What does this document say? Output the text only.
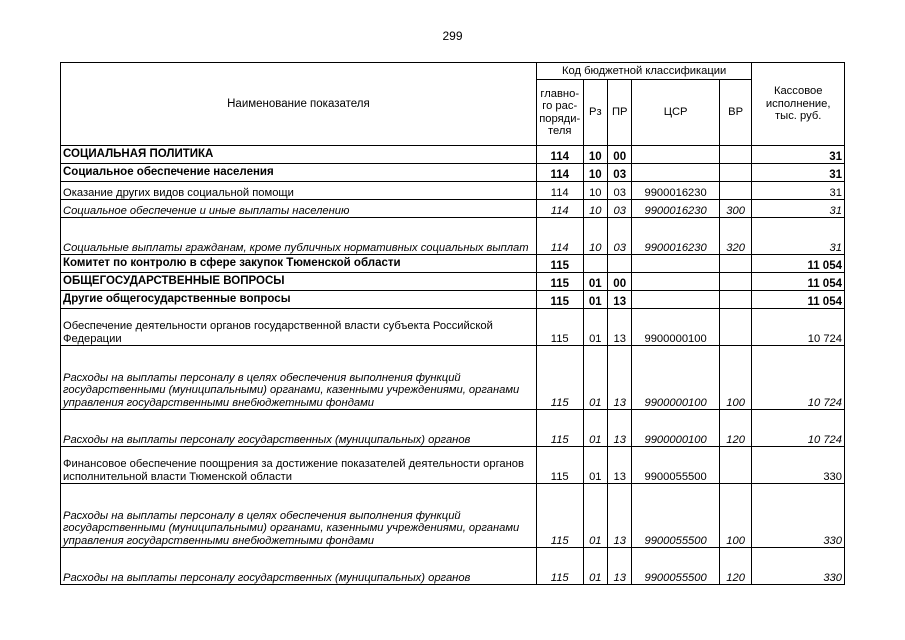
299
Наименование показателя	Код бюджетной классификации					Кассовое исполнение, тыс. руб.
	главно-го рас-поряди-теля	Рз	ПР	ЦСР	ВР	
СОЦИАЛЬНАЯ ПОЛИТИКА	114	10	00			31
Социальное обеспечение населения	114	10	03			31
Оказание других видов социальной помощи	114	10	03	9900016230		31
Социальное обеспечение и иные выплаты населению	114	10	03	9900016230	300	31
Социальные выплаты гражданам, кроме публичных нормативных социальных выплат	114	10	03	9900016230	320	31
Комитет по контролю в сфере закупок Тюменской области	115					11 054
ОБЩЕГОСУДАРСТВЕННЫЕ ВОПРОСЫ	115	01	00			11 054
Другие общегосударственные вопросы	115	01	13			11 054
Обеспечение деятельности органов государственной власти субъекта Российской Федерации	115	01	13	9900000100		10 724
Расходы на выплаты персоналу в целях обеспечения выполнения функций государственными (муниципальными) органами, казенными учреждениями, органами управления государственными внебюджетными фондами	115	01	13	9900000100	100	10 724
Расходы на выплаты персоналу государственных (муниципальных) органов	115	01	13	9900000100	120	10 724
Финансовое обеспечение поощрения за достижение показателей деятельности органов исполнительной власти Тюменской области	115	01	13	9900055500		330
Расходы на выплаты персоналу в целях обеспечения выполнения функций государственными (муниципальными) органами, казенными учреждениями, органами управления государственными внебюджетными фондами	115	01	13	9900055500	100	330
Расходы на выплаты персоналу государственных (муниципальных) органов	115	01	13	9900055500	120	330
